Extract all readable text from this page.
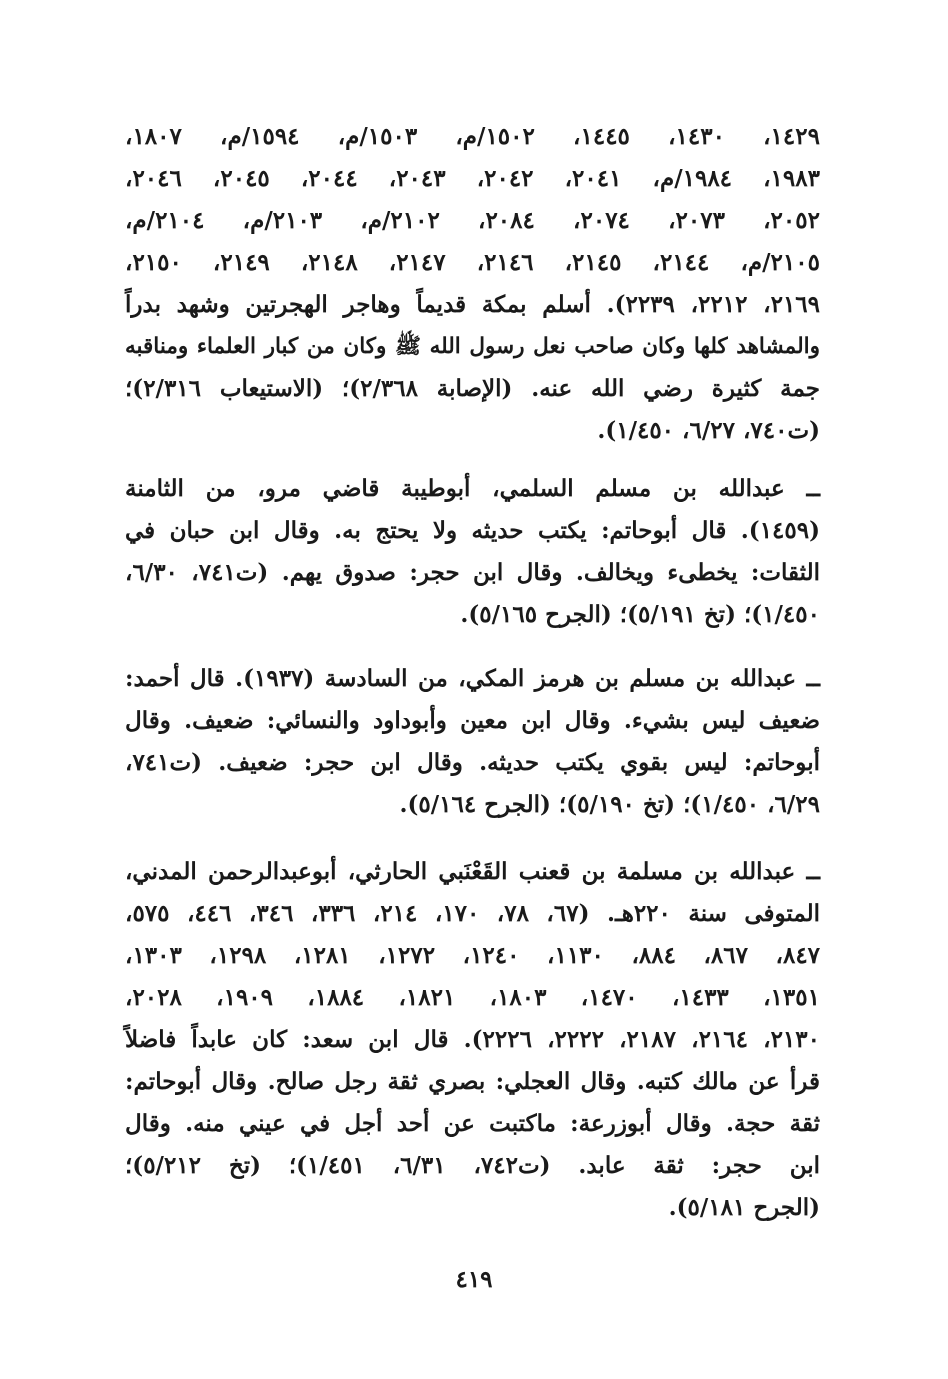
١٤٢٩، ١٤٣٠، ١٤٤٥، ١٥٠٢/م، ١٥٠٣/م، ١٥٩٤/م، ١٨٠٧،
١٩٨٣، ١٩٨٤/م، ٢٠٤١، ٢٠٤٢، ٢٠٤٣، ٢٠٤٤، ٢٠٤٥، ٢٠٤٦،
٢٠٥٢، ٢٠٧٣، ٢٠٧٤، ٢٠٨٤، ٢١٠٢/م، ٢١٠٣/م، ٢١٠٤/م،
٢١٠٥/م، ٢١٤٤، ٢١٤٥، ٢١٤٦، ٢١٤٧، ٢١٤٨، ٢١٤٩، ٢١٥٠،
٢١٦٩، ٢٢١٢، ٢٢٣٩). أسلم بمكة قديماً وهاجر الهجرتين وشهد بدراً
والمشاهد كلها وكان صاحب نعل رسول الله ﷺ وكان من كبار العلماء ومناقبه
جمة كثيرة رضي الله عنه. (الإصابة ٢/٣٦٨)؛ (الاستيعاب ٢/٣١٦)؛
(ت٧٤٠، ٦/٢٧، ١/٤٥٠).
ــ عبدالله بن مسلم السلمي، أبوطيبة قاضي مرو، من الثامنة
(١٤٥٩). قال أبوحاتم: يكتب حديثه ولا يحتج به. وقال ابن حبان في
الثقات: يخطىء ويخالف. وقال ابن حجر: صدوق يهم. (ت٧٤١، ٦/٣٠،
١/٤٥٠)؛ (تخ ٥/١٩١)؛ (الجرح ٥/١٦٥).
ــ عبدالله بن مسلم بن هرمز المكي، من السادسة (١٩٣٧). قال أحمد:
ضعيف ليس بشيء. وقال ابن معين وأبوداود والنسائي: ضعيف. وقال
أبوحاتم: ليس بقوي يكتب حديثه. وقال ابن حجر: ضعيف. (ت٧٤١،
٦/٢٩، ١/٤٥٠)؛ (تخ ٥/١٩٠)؛ (الجرح ٥/١٦٤).
ــ عبدالله بن مسلمة بن قعنب القَعْنَبي الحارثي، أبوعبدالرحمن المدني،
المتوفى سنة ٢٢٠هـ. (٦٧، ٧٨، ١٧٠، ٢١٤، ٣٣٦، ٣٤٦، ٤٤٦، ٥٧٥،
٨٤٧، ٨٦٧، ٨٨٤، ١١٣٠، ١٢٤٠، ١٢٧٢، ١٢٨١، ١٢٩٨، ١٣٠٣،
١٣٥١، ١٤٣٣، ١٤٧٠، ١٨٠٣، ١٨٢١، ١٨٨٤، ١٩٠٩، ٢٠٢٨،
٢١٣٠، ٢١٦٤، ٢١٨٧، ٢٢٢٢، ٢٢٢٦). قال ابن سعد: كان عابداً فاضلاً
قرأ عن مالك كتبه. وقال العجلي: بصري ثقة رجل صالح. وقال أبوحاتم:
ثقة حجة. وقال أبوزرعة: ماكتبت عن أحد أجل في عيني منه. وقال
ابن حجر: ثقة عابد. (ت٧٤٢، ٦/٣١، ١/٤٥١)؛ (تخ ٥/٢١٢)؛
(الجرح ٥/١٨١).
٤١٩
